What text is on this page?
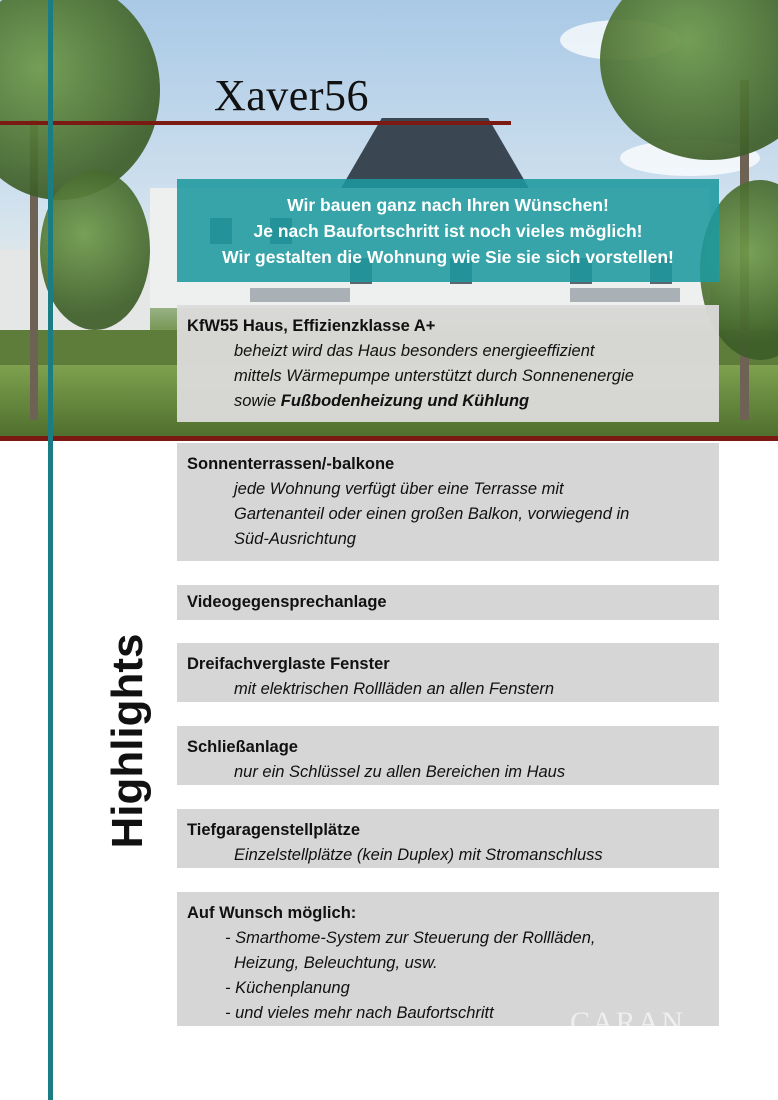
Xaver56
Wir bauen ganz nach Ihren Wünschen!
Je nach Baufortschritt ist noch vieles möglich!
Wir gestalten die Wohnung wie Sie sie sich vorstellen!
Highlights
KfW55 Haus, Effizienzklasse A+
beheizt wird das Haus besonders energieeffizient
mittels Wärmepumpe unterstützt durch Sonnenenergie
sowie Fußbodenheizung und Kühlung
Sonnenterrassen/-balkone
jede Wohnung verfügt über eine Terrasse mit
Gartenanteil oder einen großen Balkon, vorwiegend in
Süd-Ausrichtung
Videogegensprechanlage
Dreifachverglaste Fenster
mit elektrischen Rollläden an allen Fenstern
Schließanlage
nur ein Schlüssel zu allen Bereichen im Haus
Tiefgaragenstellplätze
Einzelstellplätze (kein Duplex) mit Stromanschluss
Auf Wunsch möglich:
- Smarthome-System zur Steuerung der Rollläden,
Heizung, Beleuchtung, usw.
- Küchenplanung
- und vieles mehr nach Baufortschritt	CARAN
